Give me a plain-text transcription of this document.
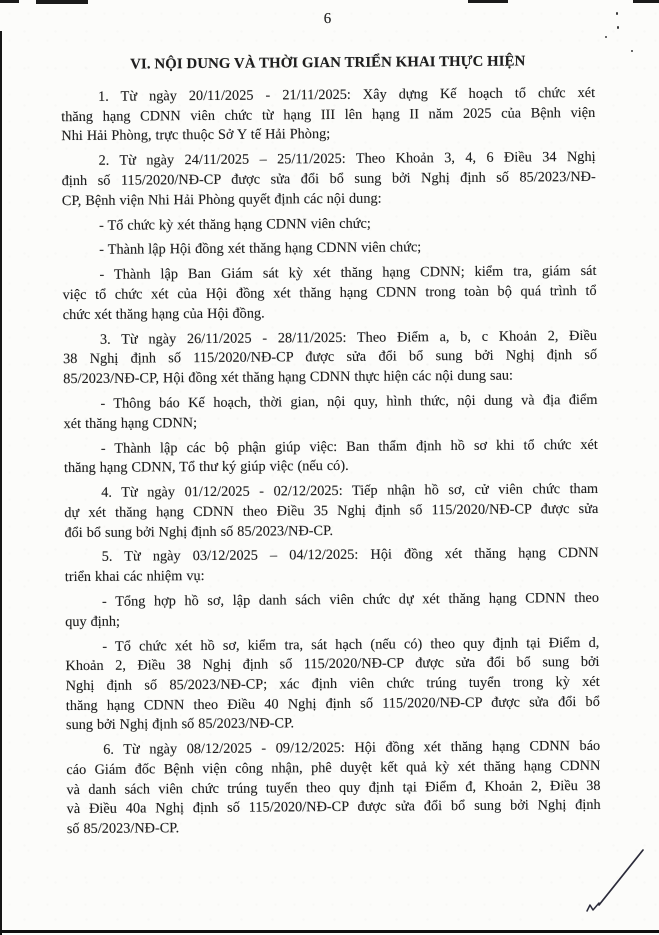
6
VI. NỘI DUNG VÀ THỜI GIAN TRIỂN KHAI THỰC HIỆN
1. Từ ngày 20/11/2025 - 21/11/2025: Xây dựng Kế hoạch tổ chức xét
thăng hạng CDNN viên chức từ hạng III lên hạng II năm 2025 của Bệnh viện
Nhi Hải Phòng, trực thuộc Sở Y tế Hải Phòng;
2. Từ ngày 24/11/2025 – 25/11/2025: Theo Khoản 3, 4, 6 Điều 34 Nghị
định số 115/2020/NĐ-CP được sửa đổi bổ sung bởi Nghị định số 85/2023/NĐ-
CP, Bệnh viện Nhi Hải Phòng quyết định các nội dung:
- Tổ chức kỳ xét thăng hạng CDNN viên chức;
- Thành lập Hội đồng xét thăng hạng CDNN viên chức;
- Thành lập Ban Giám sát kỳ xét thăng hạng CDNN; kiểm tra, giám sát
việc tổ chức xét của Hội đồng xét thăng hạng CDNN trong toàn bộ quá trình tổ
chức xét thăng hạng của Hội đồng.
3. Từ ngày 26/11/2025 - 28/11/2025: Theo Điểm a, b, c Khoản 2, Điều
38 Nghị định số 115/2020/NĐ-CP được sửa đổi bổ sung bởi Nghị định số
85/2023/NĐ-CP, Hội đồng xét thăng hạng CDNN thực hiện các nội dung sau:
- Thông báo Kế hoạch, thời gian, nội quy, hình thức, nội dung và địa điểm
xét thăng hạng CDNN;
- Thành lập các bộ phận giúp việc: Ban thẩm định hồ sơ khi tổ chức xét
thăng hạng CDNN, Tổ thư ký giúp việc (nếu có).
4. Từ ngày 01/12/2025 - 02/12/2025: Tiếp nhận hồ sơ, cử viên chức tham
dự xét thăng hạng CDNN theo Điều 35 Nghị định số 115/2020/NĐ-CP được sửa
đổi bổ sung bởi Nghị định số 85/2023/NĐ-CP.
5. Từ ngày 03/12/2025 – 04/12/2025: Hội đồng xét thăng hạng CDNN
triển khai các nhiệm vụ:
- Tổng hợp hồ sơ, lập danh sách viên chức dự xét thăng hạng CDNN theo
quy định;
- Tổ chức xét hồ sơ, kiểm tra, sát hạch (nếu có) theo quy định tại Điểm d,
Khoản 2, Điều 38 Nghị định số 115/2020/NĐ-CP được sửa đổi bổ sung bởi
Nghị định số 85/2023/NĐ-CP; xác định viên chức trúng tuyển trong kỳ xét
thăng hạng CDNN theo Điều 40 Nghị định số 115/2020/NĐ-CP được sửa đổi bổ
sung bởi Nghị định số 85/2023/NĐ-CP.
6. Từ ngày 08/12/2025 - 09/12/2025: Hội đồng xét thăng hạng CDNN báo
cáo Giám đốc Bệnh viện công nhận, phê duyệt kết quả kỳ xét thăng hạng CDNN
và danh sách viên chức trúng tuyển theo quy định tại Điểm đ, Khoản 2, Điều 38
và Điều 40a Nghị định số 115/2020/NĐ-CP được sửa đổi bổ sung bởi Nghị định
số 85/2023/NĐ-CP.
